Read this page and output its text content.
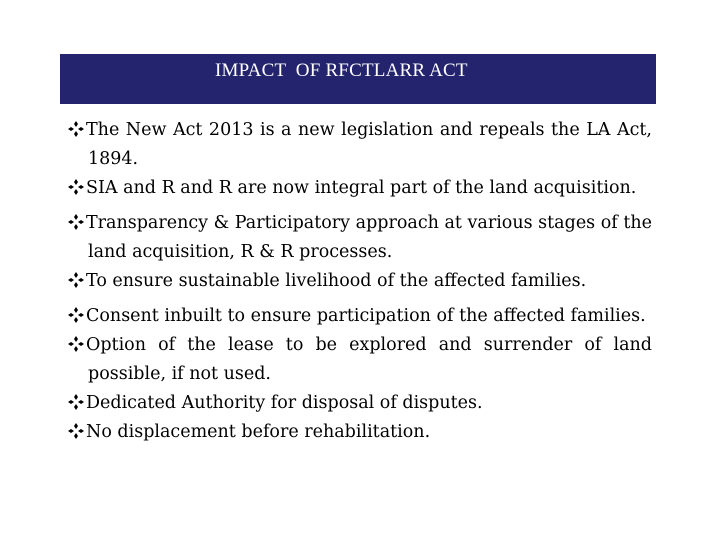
IMPACT  OF RFCTLARR ACT
The New Act 2013 is a new legislation and repeals the LA Act, 1894.
SIA and R and R are now integral part of the land acquisition.
Transparency & Participatory approach at various stages of the land acquisition, R & R processes.
To ensure sustainable livelihood of the affected families.
Consent inbuilt to ensure participation of the affected families.
Option of the lease to be explored and surrender of land possible, if not used.
Dedicated Authority for disposal of disputes.
No displacement before rehabilitation.
